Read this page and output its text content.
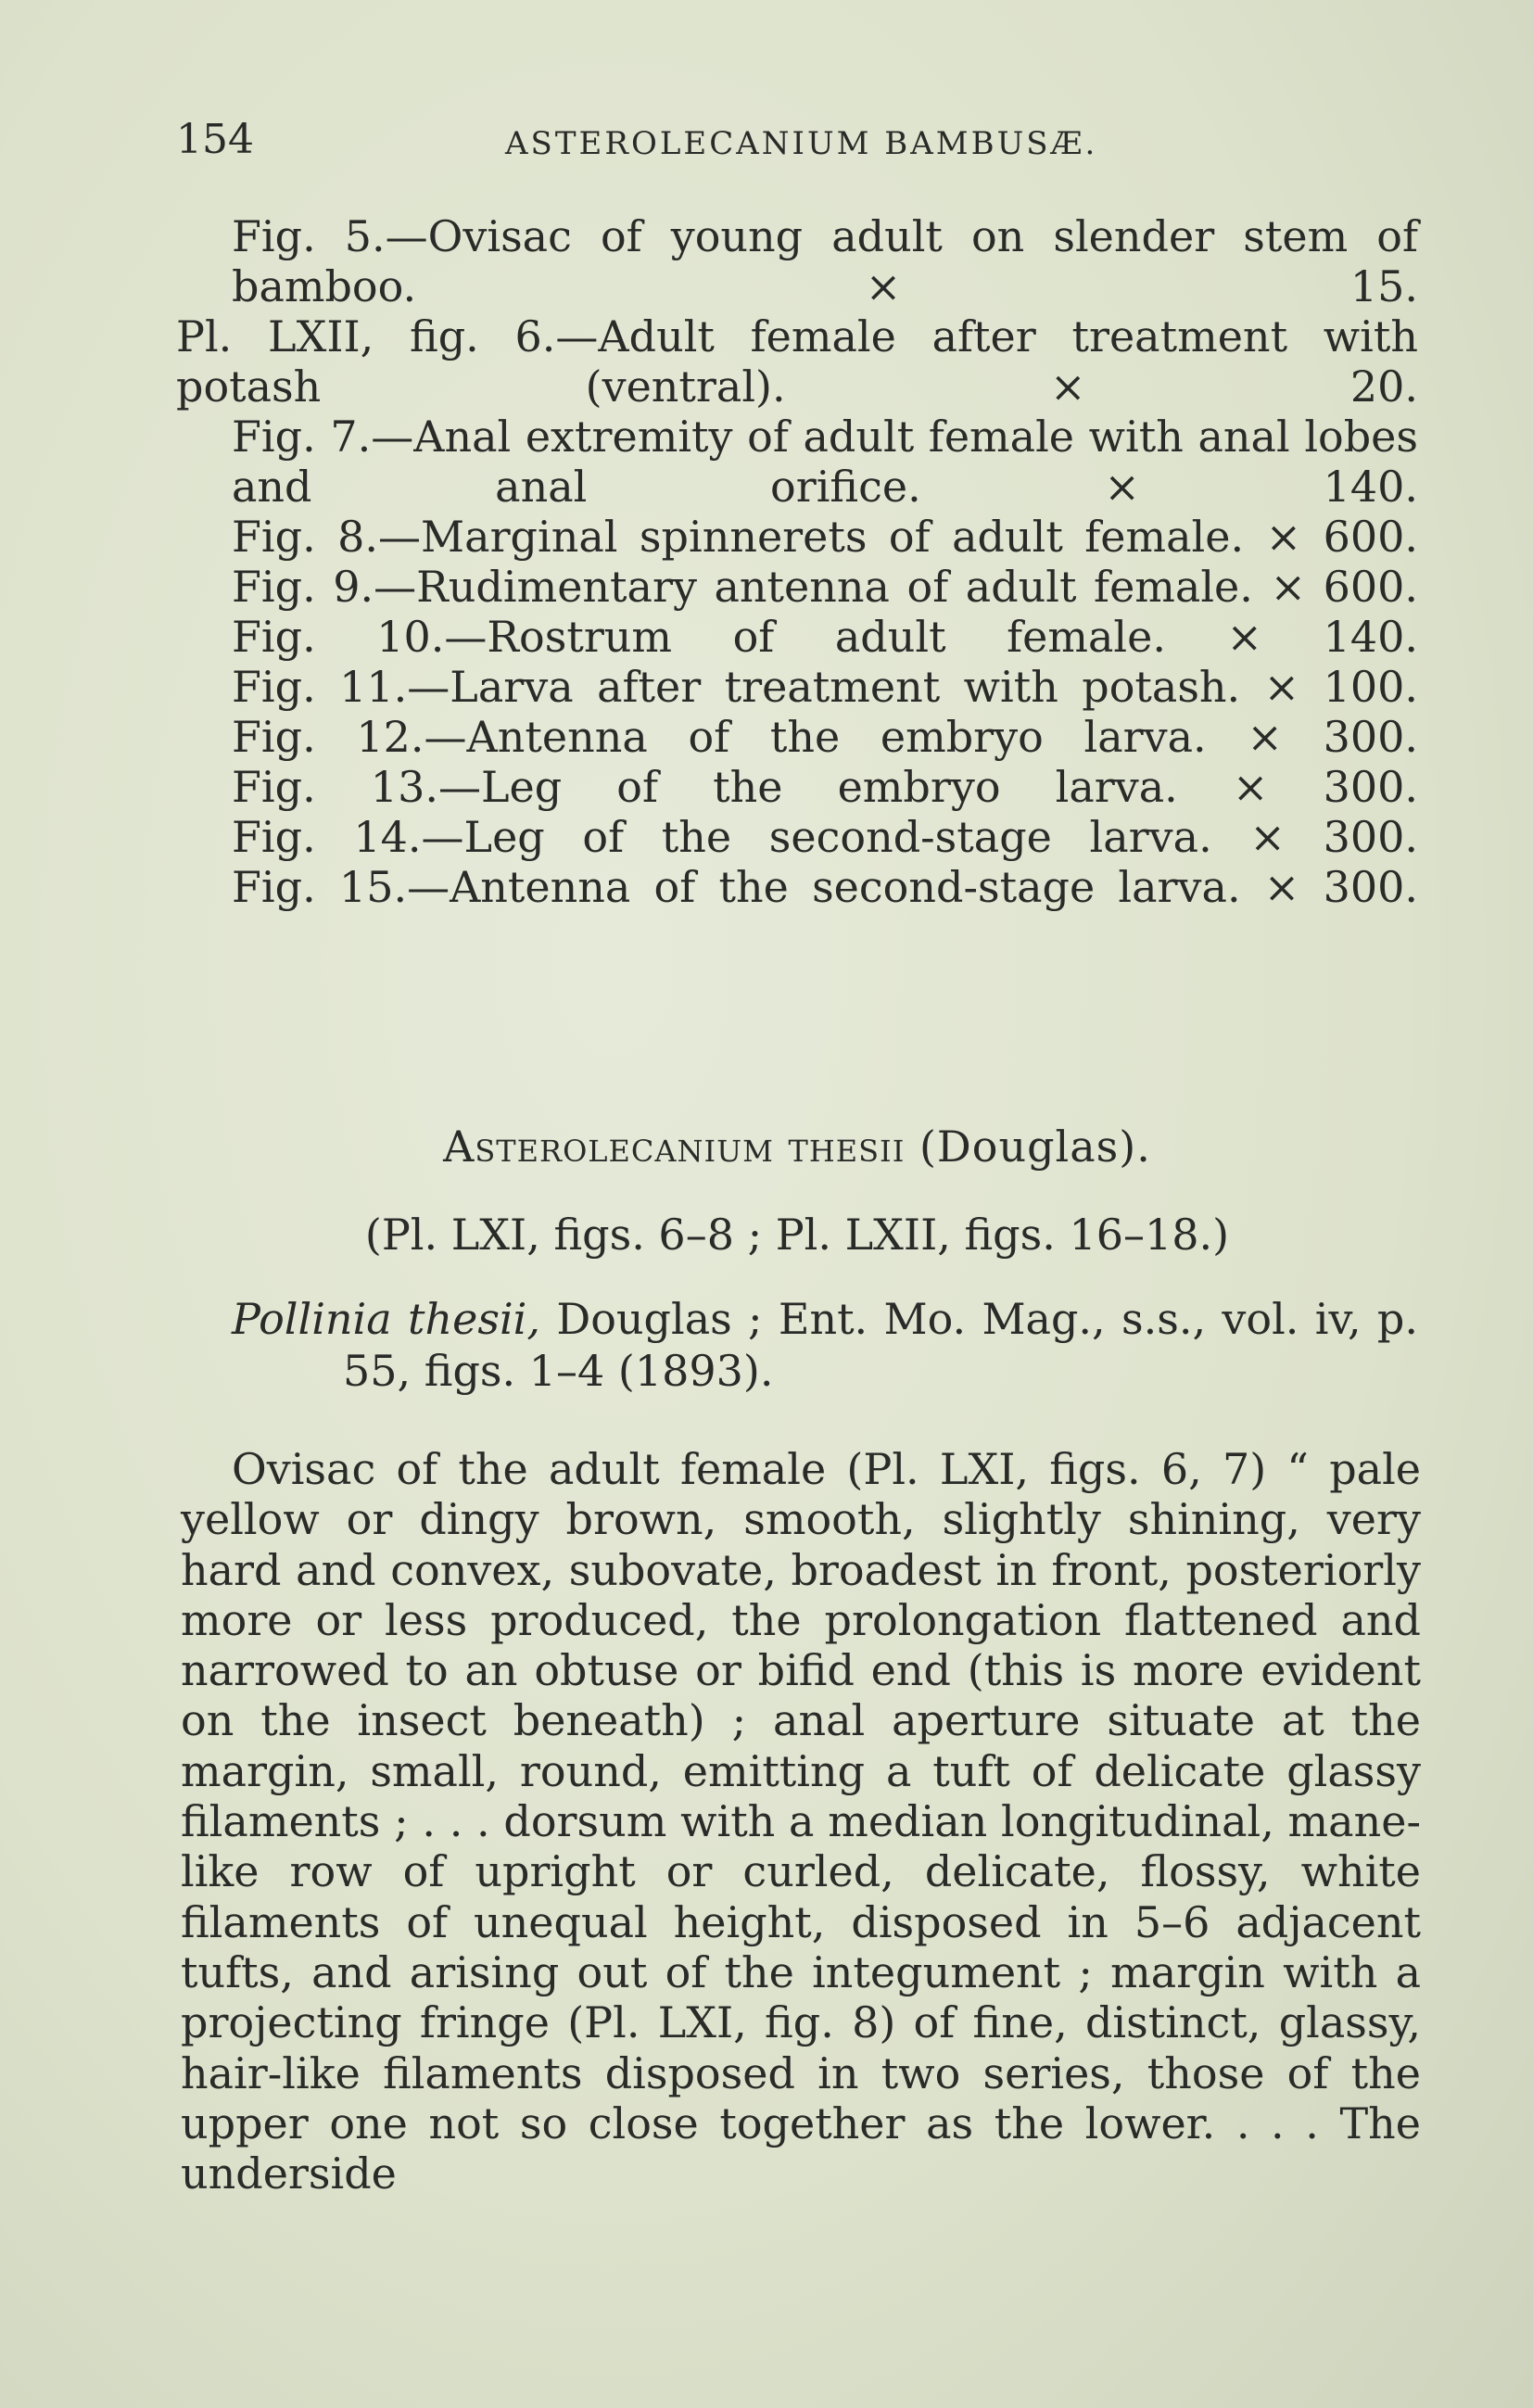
154	ASTEROLECANIUM BAMBUSÆ.
Fig. 5.—Ovisac of young adult on slender stem of bamboo. × 15.
Pl. LXII, fig. 6.—Adult female after treatment with potash (ventral). × 20.
Fig. 7.—Anal extremity of adult female with anal lobes and anal orifice. × 140.
Fig. 8.—Marginal spinnerets of adult female. × 600.
Fig. 9.—Rudimentary antenna of adult female. × 600.
Fig. 10.—Rostrum of adult female. × 140.
Fig. 11.—Larva after treatment with potash. × 100.
Fig. 12.—Antenna of the embryo larva. × 300.
Fig. 13.—Leg of the embryo larva. × 300.
Fig. 14.—Leg of the second-stage larva. × 300.
Fig. 15.—Antenna of the second-stage larva. × 300.
Asterolecanium thesii (Douglas).
(Pl. LXI, figs. 6–8 ; Pl. LXII, figs. 16–18.)
Pollinia thesii, Douglas ; Ent. Mo. Mag., s.s., vol. iv, p. 55, figs. 1–4 (1893).
Ovisac of the adult female (Pl. LXI, figs. 6, 7) “ pale yellow or dingy brown, smooth, slightly shining, very hard and convex, subovate, broadest in front, posteriorly more or less produced, the prolongation flattened and narrowed to an obtuse or bifid end (this is more evident on the insect beneath) ; anal aperture situate at the margin, small, round, emitting a tuft of delicate glassy filaments ; . . . dorsum with a median longitudinal, mane-like row of upright or curled, delicate, flossy, white filaments of unequal height, disposed in 5–6 adjacent tufts, and arising out of the integument ; margin with a projecting fringe (Pl. LXI, fig. 8) of fine, distinct, glassy, hair-like filaments disposed in two series, those of the upper one not so close together as the lower. . . . The underside
